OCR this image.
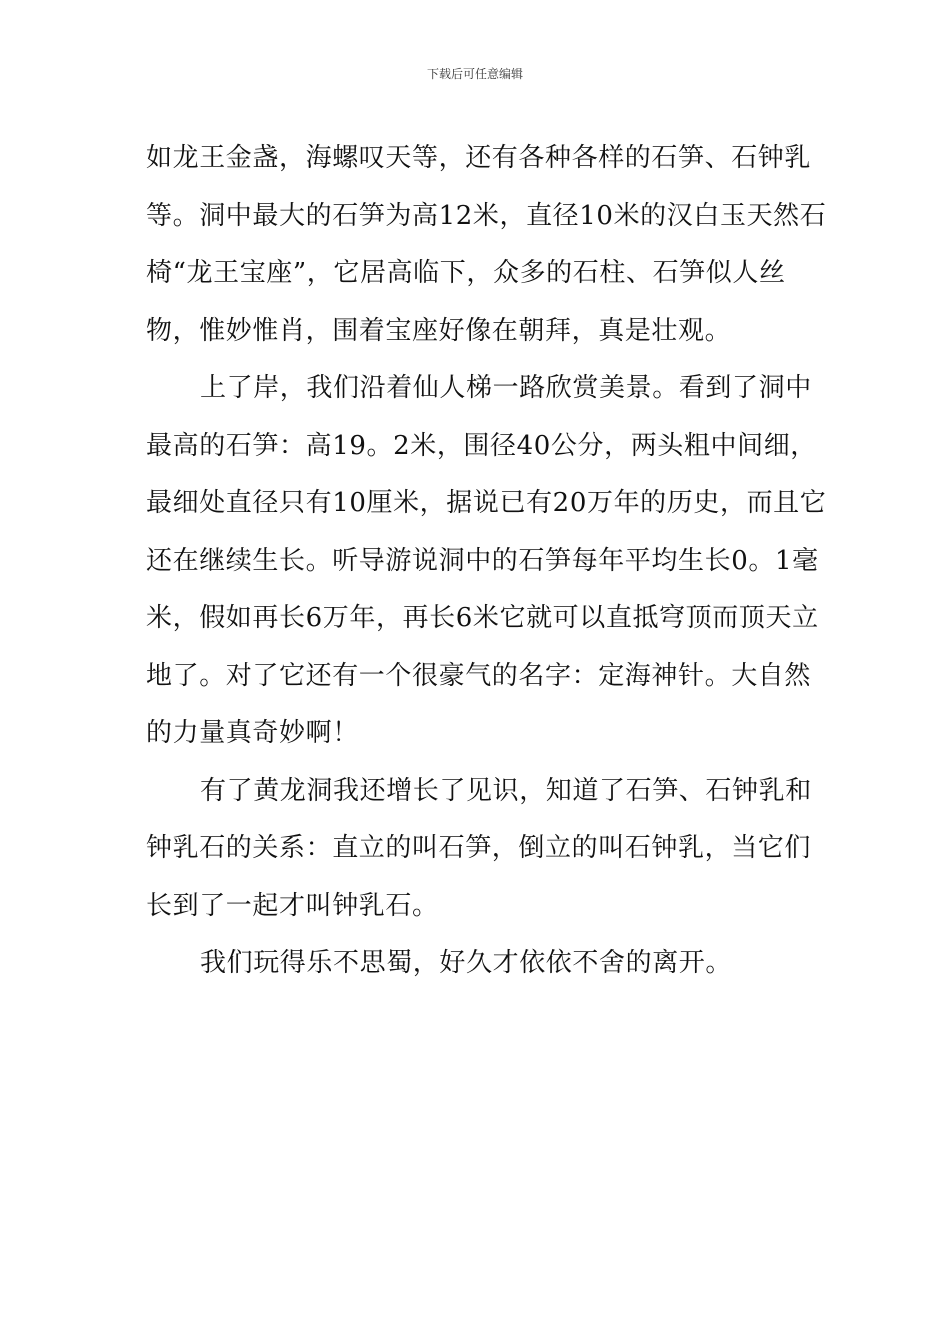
下载后可任意编辑
如龙王金盏，海螺叹天等，还有各种各样的石笋、石钟乳
等。洞中最大的石笋为高12米，直径10米的汉白玉天然石
椅“龙王宝座”，它居高临下，众多的石柱、石笋似人丝
物，惟妙惟肖，围着宝座好像在朝拜，真是壮观。
上了岸，我们沿着仙人梯一路欣赏美景。看到了洞中
最高的石笋：高19。2米，围径40公分，两头粗中间细，
最细处直径只有10厘米，据说已有20万年的历史，而且它
还在继续生长。听导游说洞中的石笋每年平均生长0。1毫
米，假如再长6万年，再长6米它就可以直抵穹顶而顶天立
地了。对了它还有一个很豪气的名字：定海神针。大自然
的力量真奇妙啊！
有了黄龙洞我还增长了见识，知道了石笋、石钟乳和
钟乳石的关系：直立的叫石笋，倒立的叫石钟乳，当它们
长到了一起才叫钟乳石。
我们玩得乐不思蜀，好久才依依不舍的离开。
